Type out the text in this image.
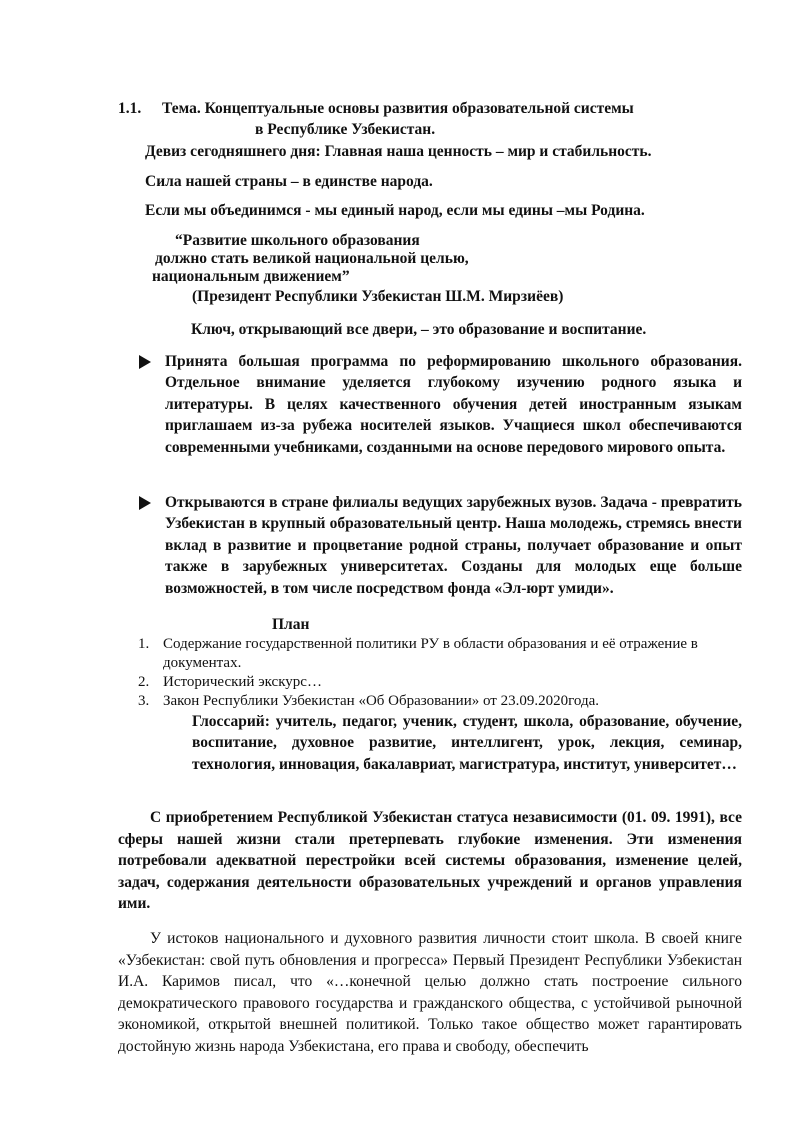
1.1. Тема. Концептуальные основы развития образовательной системы
в Республике Узбекистан.
Девиз сегодняшнего дня: Главная наша ценность – мир и стабильность.
Сила нашей страны – в единстве народа.
Если мы объединимся - мы единый народ, если мы едины –мы Родина.
“Развитие школьного образования
должно стать великой национальной целью,
национальным движением”
(Президент Республики Узбекистан Ш.М. Мирзиёев)
Ключ, открывающий все двери, – это образование и воспитание.
Принята большая программа по реформированию школьного образования. Отдельное внимание уделяется глубокому изучению родного языка и литературы. В целях качественного обучения детей иностранным языкам приглашаем из-за рубежа носителей языков. Учащиеся школ обеспечиваются современными учебниками, созданными на основе передового мирового опыта.
Открываются в стране филиалы ведущих зарубежных вузов. Задача - превратить Узбекистан в крупный образовательный центр. Наша молодежь, стремясь внести вклад в развитие и процветание родной страны, получает образование и опыт также в зарубежных университетах. Созданы для молодых еще больше возможностей, в том числе посредством фонда «Эл-юрт умиди».
План
1. Содержание государственной политики РУ в области образования и её отражение в документах.
2. Исторический экскурс…
3. Закон Республики Узбекистан «Об Образовании» от 23.09.2020года.
Глоссарий: учитель, педагог, ученик, студент, школа, образование, обучение, воспитание, духовное развитие, интеллигент, урок, лекция, семинар, технология, инновация, бакалавриат, магистратура, институт, университет…
С приобретением Республикой Узбекистан статуса независимости (01. 09. 1991), все сферы нашей жизни стали претерпевать глубокие изменения. Эти изменения потребовали адекватной перестройки всей системы образования, изменение целей, задач, содержания деятельности образовательных учреждений и органов управления ими.
У истоков национального и духовного развития личности стоит школа. В своей книге «Узбекистан: свой путь обновления и прогресса» Первый Президент Республики Узбекистан И.А. Каримов писал, что «…конечной целью должно стать построение сильного демократического правового государства и гражданского общества, с устойчивой рыночной экономикой, открытой внешней политикой. Только такое общество может гарантировать достойную жизнь народа Узбекистана, его права и свободу, обеспечить
